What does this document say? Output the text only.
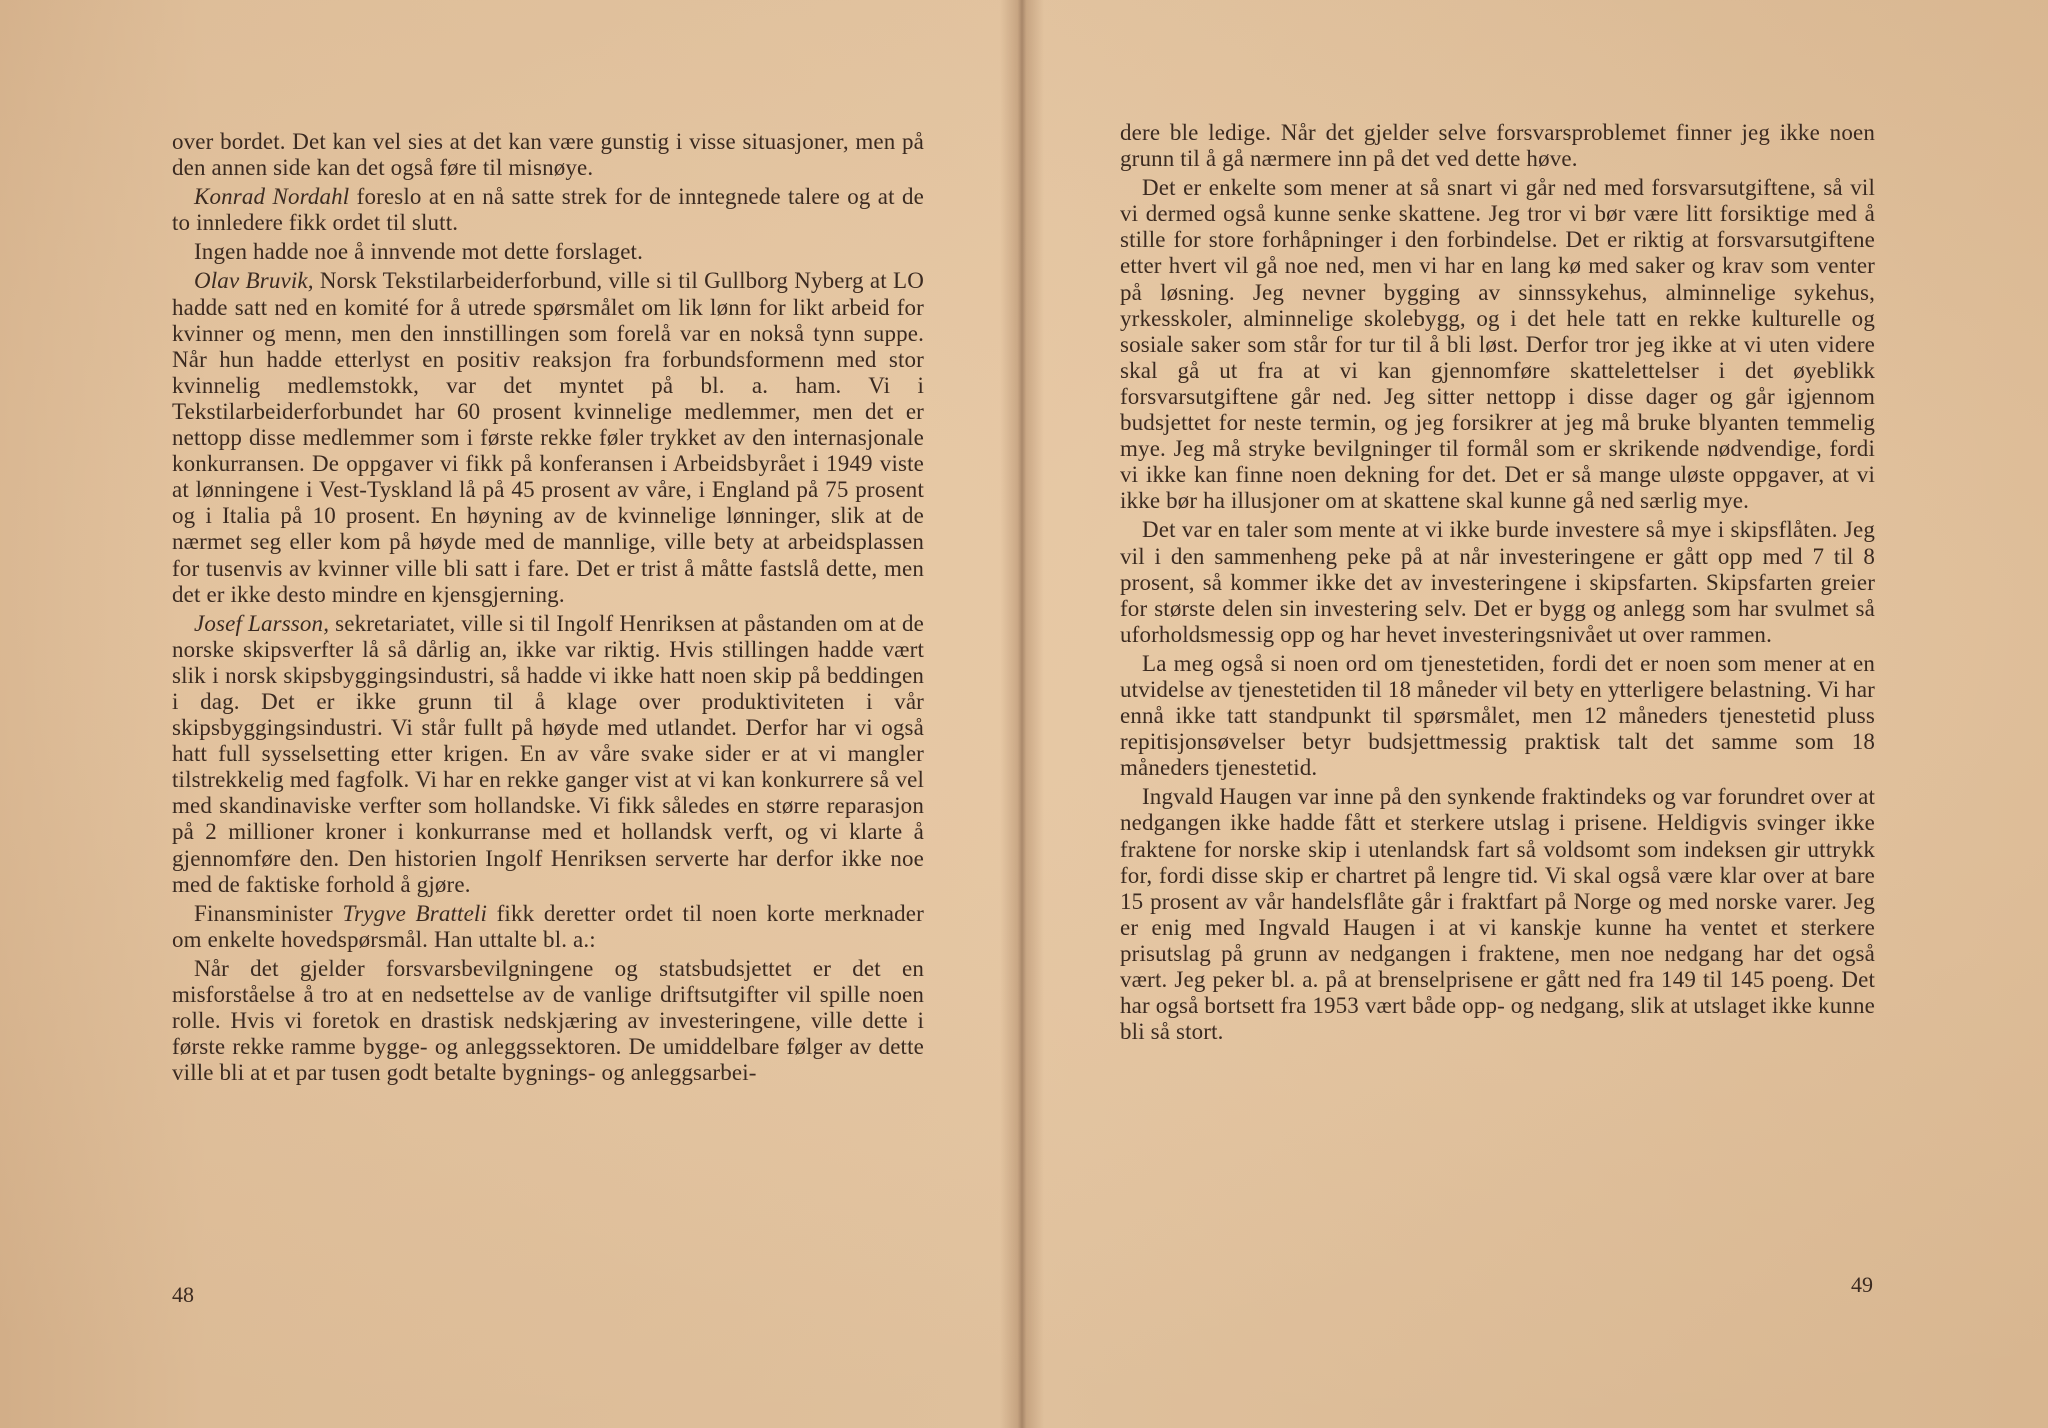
over bordet. Det kan vel sies at det kan være gunstig i visse situasjoner, men på den annen side kan det også føre til misnøye.

Konrad Nordahl foreslo at en nå satte strek for de inntegnede talere og at de to innledere fikk ordet til slutt.

Ingen hadde noe å innvende mot dette forslaget.

Olav Bruvik, Norsk Tekstilarbeiderforbund, ville si til Gullborg Nyberg at LO hadde satt ned en komité for å utrede spørsmålet om lik lønn for likt arbeid for kvinner og menn, men den innstillingen som forelå var en nokså tynn suppe. Når hun hadde etterlyst en positiv reaksjon fra forbundsformenn med stor kvinnelig medlemstokk, var det myntet på bl. a. ham. Vi i Tekstilarbeiderforbundet har 60 prosent kvinnelige medlemmer, men det er nettopp disse medlemmer som i første rekke føler trykket av den internasjonale konkurransen. De oppgaver vi fikk på konferansen i Arbeidsbyrået i 1949 viste at lønningene i Vest-Tyskland lå på 45 prosent av våre, i England på 75 prosent og i Italia på 10 prosent. En høyning av de kvinnelige lønninger, slik at de nærmet seg eller kom på høyde med de mannlige, ville bety at arbeidsplassen for tusenvis av kvinner ville bli satt i fare. Det er trist å måtte fastslå dette, men det er ikke desto mindre en kjensgjerning.

Josef Larsson, sekretariatet, ville si til Ingolf Henriksen at påstanden om at de norske skipsverfter lå så dårlig an, ikke var riktig. Hvis stillingen hadde vært slik i norsk skipsbyggingsindustri, så hadde vi ikke hatt noen skip på beddingen i dag. Det er ikke grunn til å klage over produktiviteten i vår skipsbyggingsindustri. Vi står fullt på høyde med utlandet. Derfor har vi også hatt full sysselsetting etter krigen. En av våre svake sider er at vi mangler tilstrekkelig med fagfolk. Vi har en rekke ganger vist at vi kan konkurrere så vel med skandinaviske verfter som hollandske. Vi fikk således en større reparasjon på 2 millioner kroner i konkurranse med et hollandsk verft, og vi klarte å gjennomføre den. Den historien Ingolf Henriksen serverte har derfor ikke noe med de faktiske forhold å gjøre.

Finansminister Trygve Bratteli fikk deretter ordet til noen korte merknader om enkelte hovedspørsmål. Han uttalte bl. a.:

Når det gjelder forsvarsbevilgningene og statsbudsjettet er det en misforståelse å tro at en nedsettelse av de vanlige driftsutgifter vil spille noen rolle. Hvis vi foretok en drastisk nedskjæring av investeringene, ville dette i første rekke ramme bygge- og anleggssektoren. De umiddelbare følger av dette ville bli at et par tusen godt betalte bygnings- og anleggsarbei-

48

dere ble ledige. Når det gjelder selve forsvarsproblemet finner jeg ikke noen grunn til å gå nærmere inn på det ved dette høve.

Det er enkelte som mener at så snart vi går ned med forsvarsutgiftene, så vil vi dermed også kunne senke skattene. Jeg tror vi bør være litt forsiktige med å stille for store forhåpninger i den forbindelse. Det er riktig at forsvarsutgiftene etter hvert vil gå noe ned, men vi har en lang kø med saker og krav som venter på løsning. Jeg nevner bygging av sinnssykehus, alminnelige sykehus, yrkesskoler, alminnelige skolebygg, og i det hele tatt en rekke kulturelle og sosiale saker som står for tur til å bli løst. Derfor tror jeg ikke at vi uten videre skal gå ut fra at vi kan gjennomføre skattelettelser i det øyeblikk forsvarsutgiftene går ned. Jeg sitter nettopp i disse dager og går igjennom budsjettet for neste termin, og jeg forsikrer at jeg må bruke blyanten temmelig mye. Jeg må stryke bevilgninger til formål som er skrikende nødvendige, fordi vi ikke kan finne noen dekning for det. Det er så mange uløste oppgaver, at vi ikke bør ha illusjoner om at skattene skal kunne gå ned særlig mye.

Det var en taler som mente at vi ikke burde investere så mye i skipsflåten. Jeg vil i den sammenheng peke på at når investeringene er gått opp med 7 til 8 prosent, så kommer ikke det av investeringene i skipsfarten. Skipsfarten greier for største delen sin investering selv. Det er bygg og anlegg som har svulmet så uforholdsmessig opp og har hevet investeringsnivået ut over rammen.

La meg også si noen ord om tjenestetiden, fordi det er noen som mener at en utvidelse av tjenestetiden til 18 måneder vil bety en ytterligere belastning. Vi har ennå ikke tatt standpunkt til spørsmålet, men 12 måneders tjenestetid pluss repitisjonsøvelser betyr budsjettmessig praktisk talt det samme som 18 måneders tjenestetid.

Ingvald Haugen var inne på den synkende fraktindeks og var forundret over at nedgangen ikke hadde fått et sterkere utslag i prisene. Heldigvis svinger ikke fraktene for norske skip i utenlandsk fart så voldsomt som indeksen gir uttrykk for, fordi disse skip er chartret på lengre tid. Vi skal også være klar over at bare 15 prosent av vår handelsflåte går i fraktfart på Norge og med norske varer. Jeg er enig med Ingvald Haugen i at vi kanskje kunne ha ventet et sterkere prisutslag på grunn av nedgangen i fraktene, men noe nedgang har det også vært. Jeg peker bl. a. på at brenselprisene er gått ned fra 149 til 145 poeng. Det har også bortsett fra 1953 vært både opp- og nedgang, slik at utslaget ikke kunne bli så stort.

49
